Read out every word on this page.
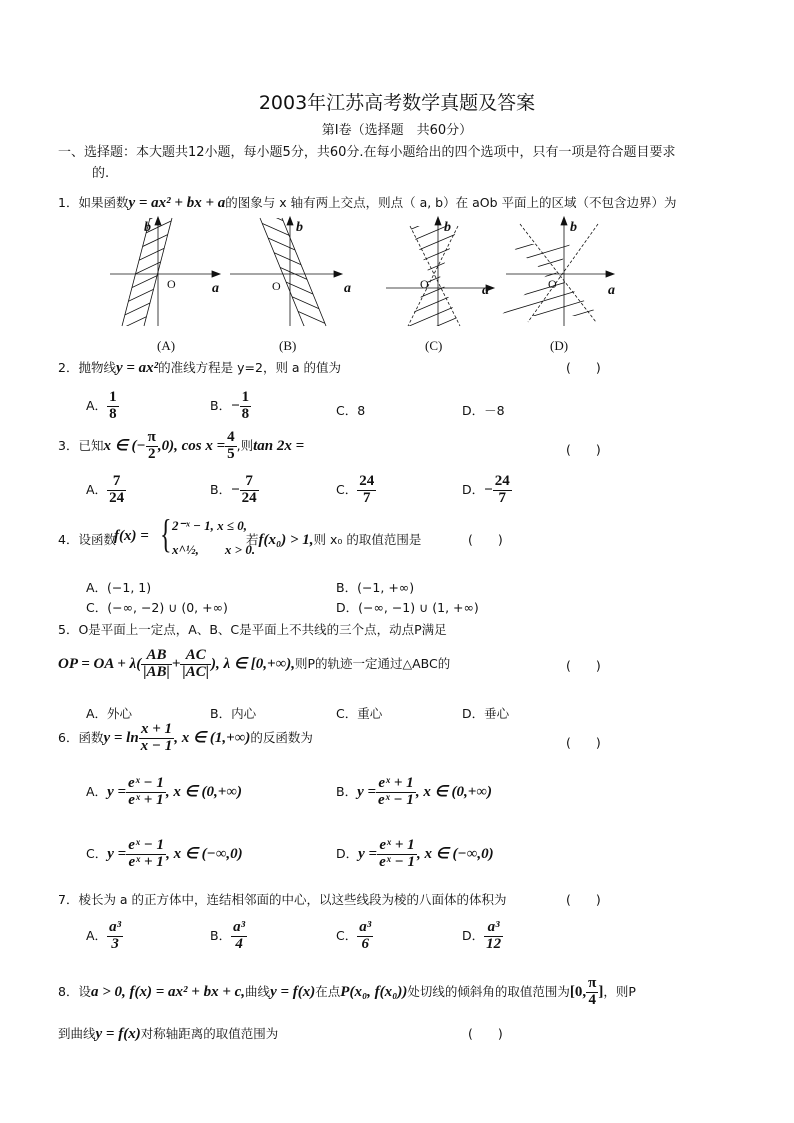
2003年江苏高考数学真题及答案
第Ⅰ卷（选择题　共60分）
一、选择题：本大题共12小题，每小题5分，共60分.在每小题给出的四个选项中，只有一项是符合题目要求
的.
1．如果函数y = ax² + bx + a的图象与 x 轴有两上交点，则点（ a, b）在 aOb 平面上的区域（不包含边界）为
b
a
b
a
b
a
b
a
O	O	O	O
(A)	(B)	(C)	(D)
2．抛物线y = ax²的准线方程是 y=2，则 a 的值为	(　　)
A． $\frac{1}{8}$	B．− $\frac{1}{8}$	C．8	D．－8
3．已知x ∈ (− $\frac{\pi}{2} ,0$), $\cos x = \frac{4}{5}$ ,则tan 2x =	(　　)
A． $\frac{7}{24}$	B．− $\frac{7}{24}$	C． $\frac{24}{7}$	D．− $\frac{24}{7}$
4．设函数
f(x) = { 2⁻ˣ − 1, x ≤ 0,
x^½,　　x > 0.
若f(x₀) > 1,则 x₀ 的取值范围是	(　　)
A．(−1, 1)	B．(−1, +∞)
C．(−∞, −2) ∪ (0, +∞)	D．(−∞, −1) ∪ (1, +∞)
5．O是平面上一定点，A、B、C是平面上不共线的三个点，动点P满足
OP = OA + $\lambda( \frac{AB}{|AB|} + \frac{AC}{|AC|}$ ), λ ∈ [0,+∞),则P的轨迹一定通过△ABC的	(　　)
A．外心	B．内心	C．重心	D．垂心
6．函数$y = \ln \frac{x + 1}{x - 1}$ , x ∈ (1,+∞)的反函数为	(　　)
A．$y = \frac{\text{eˣ − 1}}{\text{eˣ + 1}}$ , x ∈ (0,+∞)	B．$y = \frac{\text{eˣ + 1}}{\text{eˣ − 1}}$ , x ∈ (0,+∞)
C．$y = \frac{\text{eˣ − 1}}{\text{eˣ + 1}}$ , x ∈ (−∞,0)	D．$y = \frac{\text{eˣ + 1}}{\text{eˣ − 1}}$ , x ∈ (−∞,0)
7．棱长为 a 的正方体中，连结相邻面的中心，以这些线段为棱的八面体的体积为	(　　)
A． $\frac{\text{a³}}{3}$	B． $\frac{\text{a³}}{4}$	C． $\frac{\text{a³}}{6}$	D． $\frac{\text{a³}}{12}$
8．设a > 0, f(x) = ax² + bx + c,曲线y = f(x)在点P(x₀, f(x₀))处切线的倾斜角的取值范围为[0, $\frac{\pi}{4}$ ]，则P
到曲线y = f(x)对称轴距离的取值范围为	(　　)
